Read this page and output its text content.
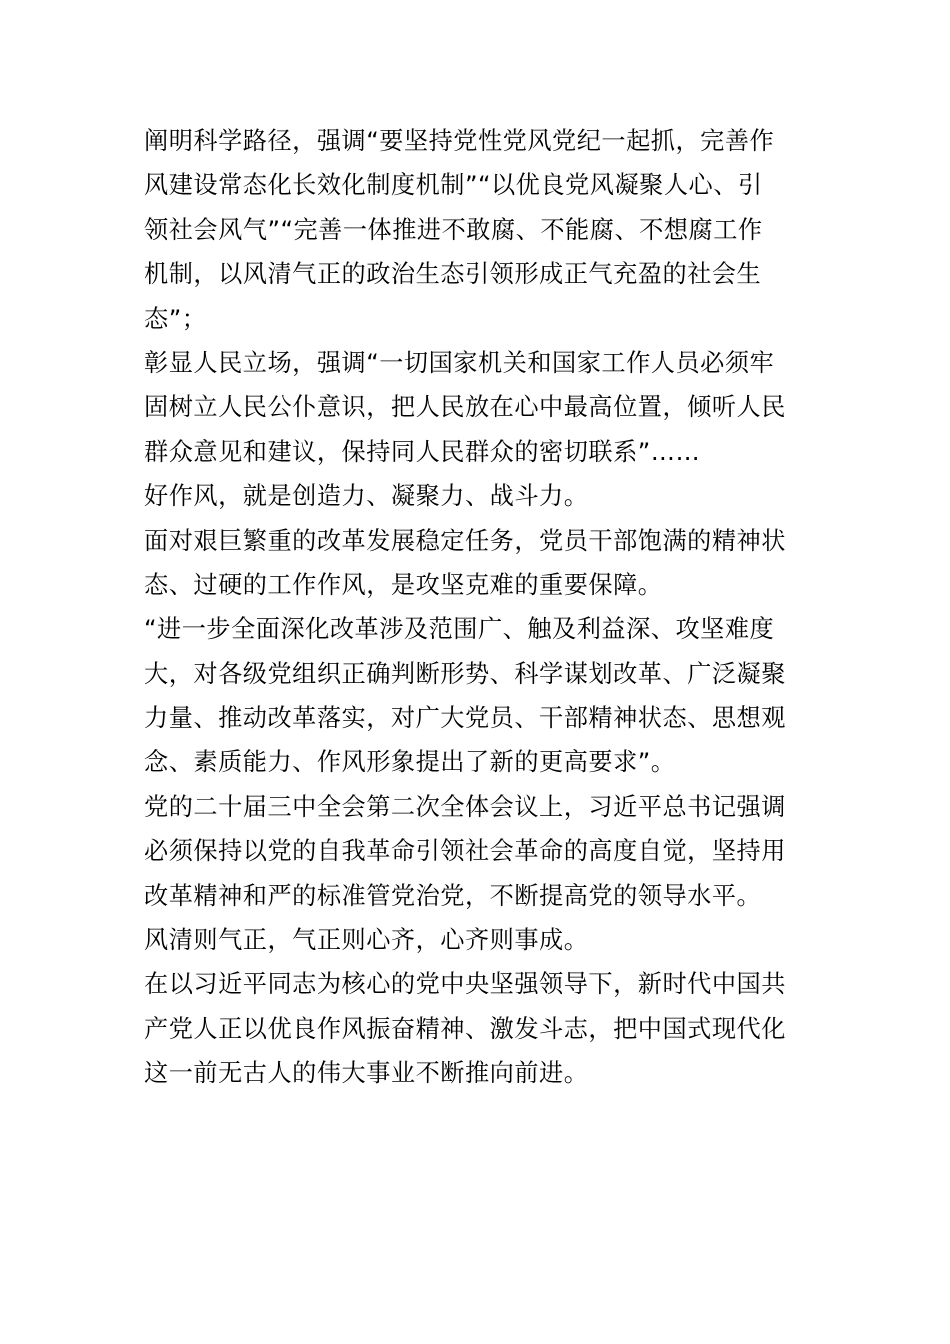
阐明科学路径，强调“要坚持党性党风党纪一起抓，完善作
风建设常态化长效化制度机制”“以优良党风凝聚人心、引
领社会风气”“完善一体推进不敢腐、不能腐、不想腐工作
机制，以风清气正的政治生态引领形成正气充盈的社会生
态”；
彰显人民立场，强调“一切国家机关和国家工作人员必须牢
固树立人民公仆意识，把人民放在心中最高位置，倾听人民
群众意见和建议，保持同人民群众的密切联系”……
好作风，就是创造力、凝聚力、战斗力。
面对艰巨繁重的改革发展稳定任务，党员干部饱满的精神状
态、过硬的工作作风，是攻坚克难的重要保障。
“进一步全面深化改革涉及范围广、触及利益深、攻坚难度
大，对各级党组织正确判断形势、科学谋划改革、广泛凝聚
力量、推动改革落实，对广大党员、干部精神状态、思想观
念、素质能力、作风形象提出了新的更高要求”。
党的二十届三中全会第二次全体会议上，习近平总书记强调
必须保持以党的自我革命引领社会革命的高度自觉，坚持用
改革精神和严的标准管党治党，不断提高党的领导水平。
风清则气正，气正则心齐，心齐则事成。
在以习近平同志为核心的党中央坚强领导下，新时代中国共
产党人正以优良作风振奋精神、激发斗志，把中国式现代化
这一前无古人的伟大事业不断推向前进。
